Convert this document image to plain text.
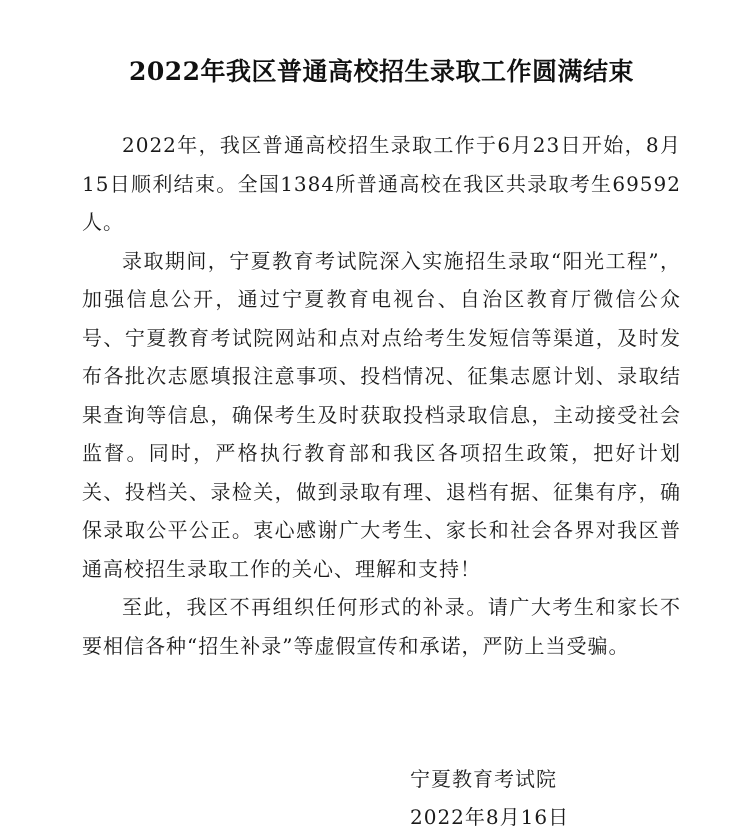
2022年我区普通高校招生录取工作圆满结束

2022年，我区普通高校招生录取工作于6月23日开始，8月15日顺利结束。全国1384所普通高校在我区共录取考生69592人。

录取期间，宁夏教育考试院深入实施招生录取“阳光工程”，加强信息公开，通过宁夏教育电视台、自治区教育厅微信公众号、宁夏教育考试院网站和点对点给考生发短信等渠道，及时发布各批次志愿填报注意事项、投档情况、征集志愿计划、录取结果查询等信息，确保考生及时获取投档录取信息，主动接受社会监督。同时，严格执行教育部和我区各项招生政策，把好计划关、投档关、录检关，做到录取有理、退档有据、征集有序，确保录取公平公正。衷心感谢广大考生、家长和社会各界对我区普通高校招生录取工作的关心、理解和支持！

至此，我区不再组织任何形式的补录。请广大考生和家长不要相信各种“招生补录”等虚假宣传和承诺，严防上当受骗。

宁夏教育考试院
2022年8月16日
